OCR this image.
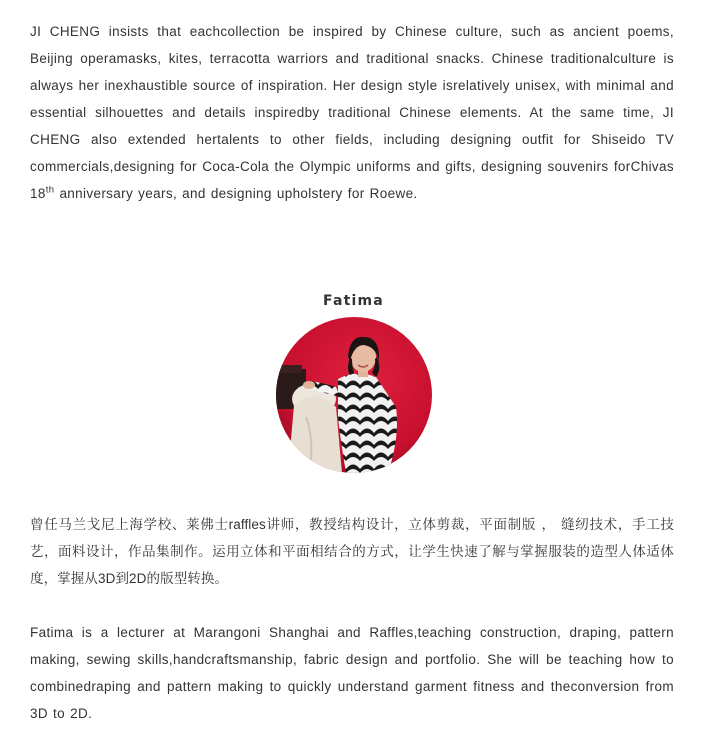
JI CHENG insists that eachcollection be inspired by Chinese culture, such as ancient poems, Beijing operamasks, kites, terracotta warriors and traditional snacks. Chinese traditionalculture is always her inexhaustible source of inspiration. Her design style isrelatively unisex, with minimal and essential silhouettes and details inspiredby traditional Chinese elements. At the same time, JI CHENG also extended hertalents to other fields, including designing outfit for Shiseido TV commercials,designing for Coca-Cola the Olympic uniforms and gifts, designing souvenirs forChivas 18th anniversary years, and designing upholstery for Roewe.

Fatima

曾任马兰戈尼上海学校、莱佛士raffles讲师，教授结构设计，立体剪裁，平面制版 ， 缝纫技术，手工技艺，面料设计，作品集制作。运用立体和平面相结合的方式，让学生快速了解与掌握服装的造型人体适体度，掌握从3D到2D的版型转换。

Fatima is a lecturer at Marangoni Shanghai and Raffles,teaching construction, draping, pattern making, sewing skills,handcraftsmanship, fabric design and portfolio. She will be teaching how to combinedraping and pattern making to quickly understand garment fitness and theconversion from 3D to 2D.
